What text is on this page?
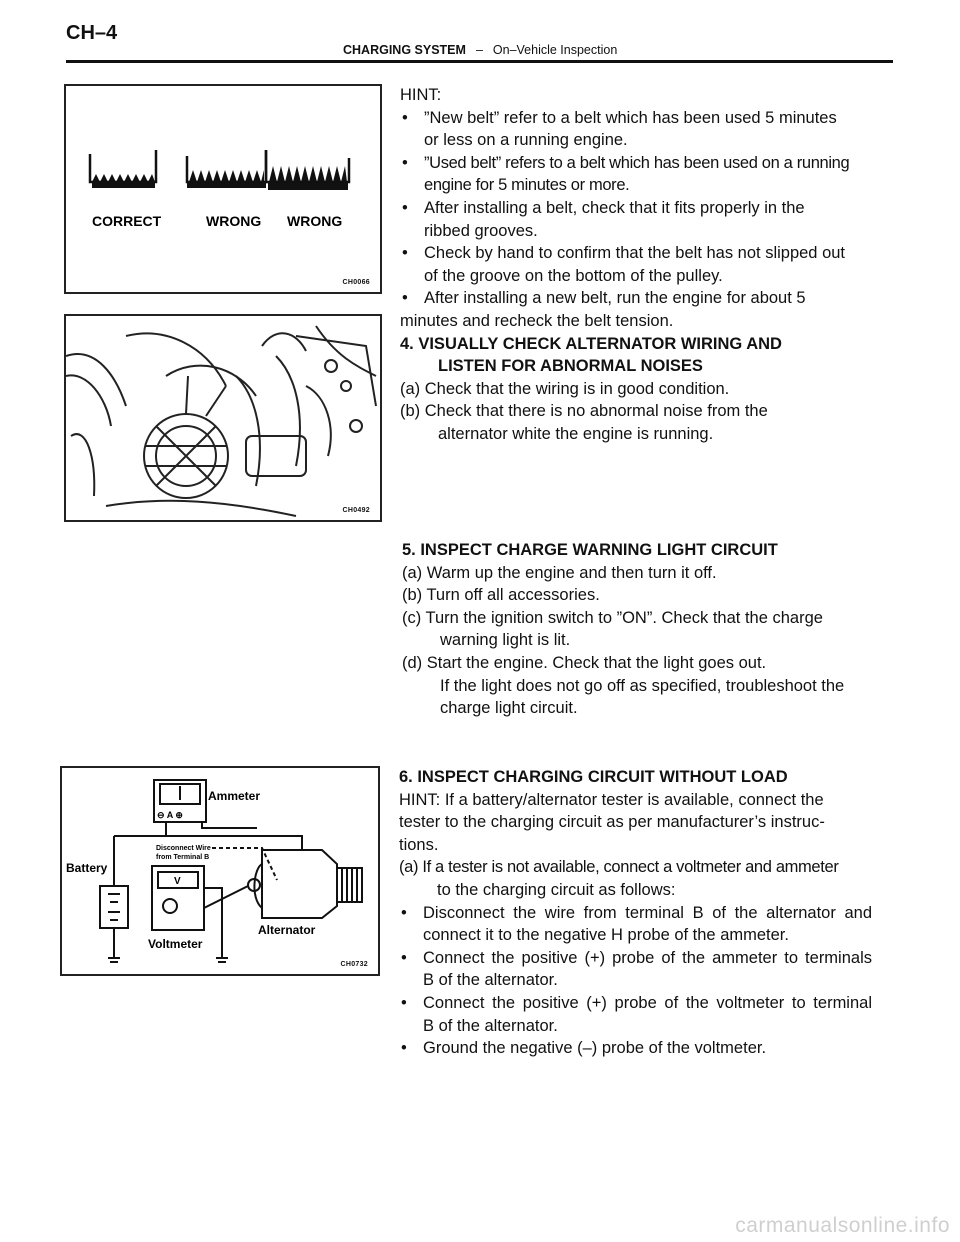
CH–4
CHARGING SYSTEM – On–Vehicle Inspection
CORRECT	WRONG WRONG
CH0066
CH0492
⊖ A ⊕
Ammeter
Battery
Disconnect Wire
from Terminal B
V
Voltmeter
Alternator
CH0732

HINT:

• ”New belt” refer to a belt which has been used 5 minutes
or less on a running engine.

• ”Used belt” refers to a belt which has been used on a running
engine for 5 minutes or more.

• After installing a belt, check that it fits properly in the
ribbed grooves.

• Check by hand to confirm that the belt has not slipped out
of the groove on the bottom of the pulley.

• After installing a new belt, run the engine for about 5
minutes and recheck the belt tension.

4. VISUALLY CHECK ALTERNATOR WIRING AND

LISTEN FOR ABNORMAL NOISES

(a) Check that the wiring is in good condition.

(b) Check that there is no abnormal noise from the

alternator white the engine is running.

5. INSPECT CHARGE WARNING LIGHT CIRCUIT

(a) Warm up the engine and then turn it off.

(b) Turn off all accessories.

(c) Turn the ignition switch to ”ON”. Check that the charge

warning light is lit.

(d) Start the engine. Check that the light goes out.

If the light does not go off as specified, troubleshoot the

charge light circuit.

6. INSPECT CHARGING CIRCUIT WITHOUT LOAD

HINT: If a battery/alternator tester is available, connect the

tester to the charging circuit as per manufacturer’s instruc-

tions.

(a) If a tester is not available, connect a voltmeter and ammeter

to the charging circuit as follows:

• Disconnect the wire from terminal B of the alternator and
connect it to the negative H probe of the ammeter.

• Connect the positive (+) probe of the ammeter to terminals
B of the alternator.

• Connect the positive (+) probe of the voltmeter to terminal
B of the alternator.

• Ground the negative (–) probe of the voltmeter.

carmanualsonline.info
